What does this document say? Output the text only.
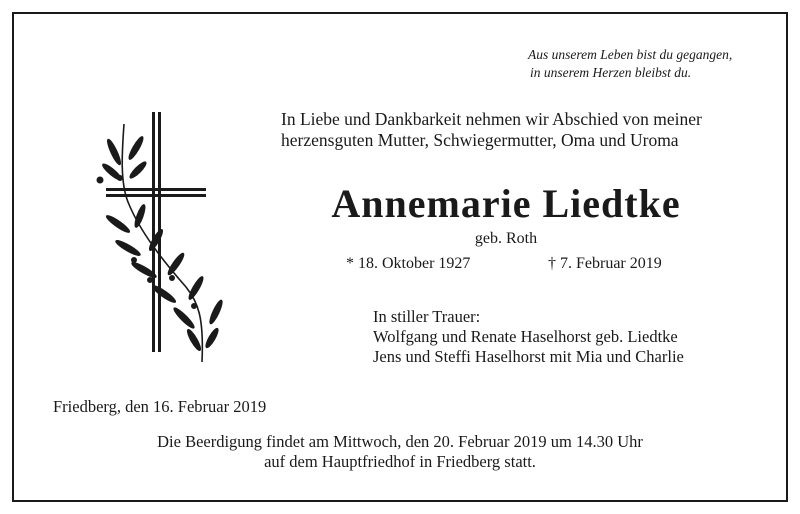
Aus unserem Leben bist du gegangen,
in unserem Herzen bleibst du.
In Liebe und Dankbarkeit nehmen wir Abschied von meiner
herzensguten Mutter, Schwiegermutter, Oma und Uroma
Annemarie Liedtke
geb. Roth
* 18. Oktober 1927	† 7. Februar 2019
In stiller Trauer:
Wolfgang und Renate Haselhorst geb. Liedtke
Jens und Steffi Haselhorst mit Mia und Charlie
Friedberg, den 16. Februar 2019
Die Beerdigung findet am Mittwoch, den 20. Februar 2019 um 14.30 Uhr
auf dem Hauptfriedhof in Friedberg statt.
